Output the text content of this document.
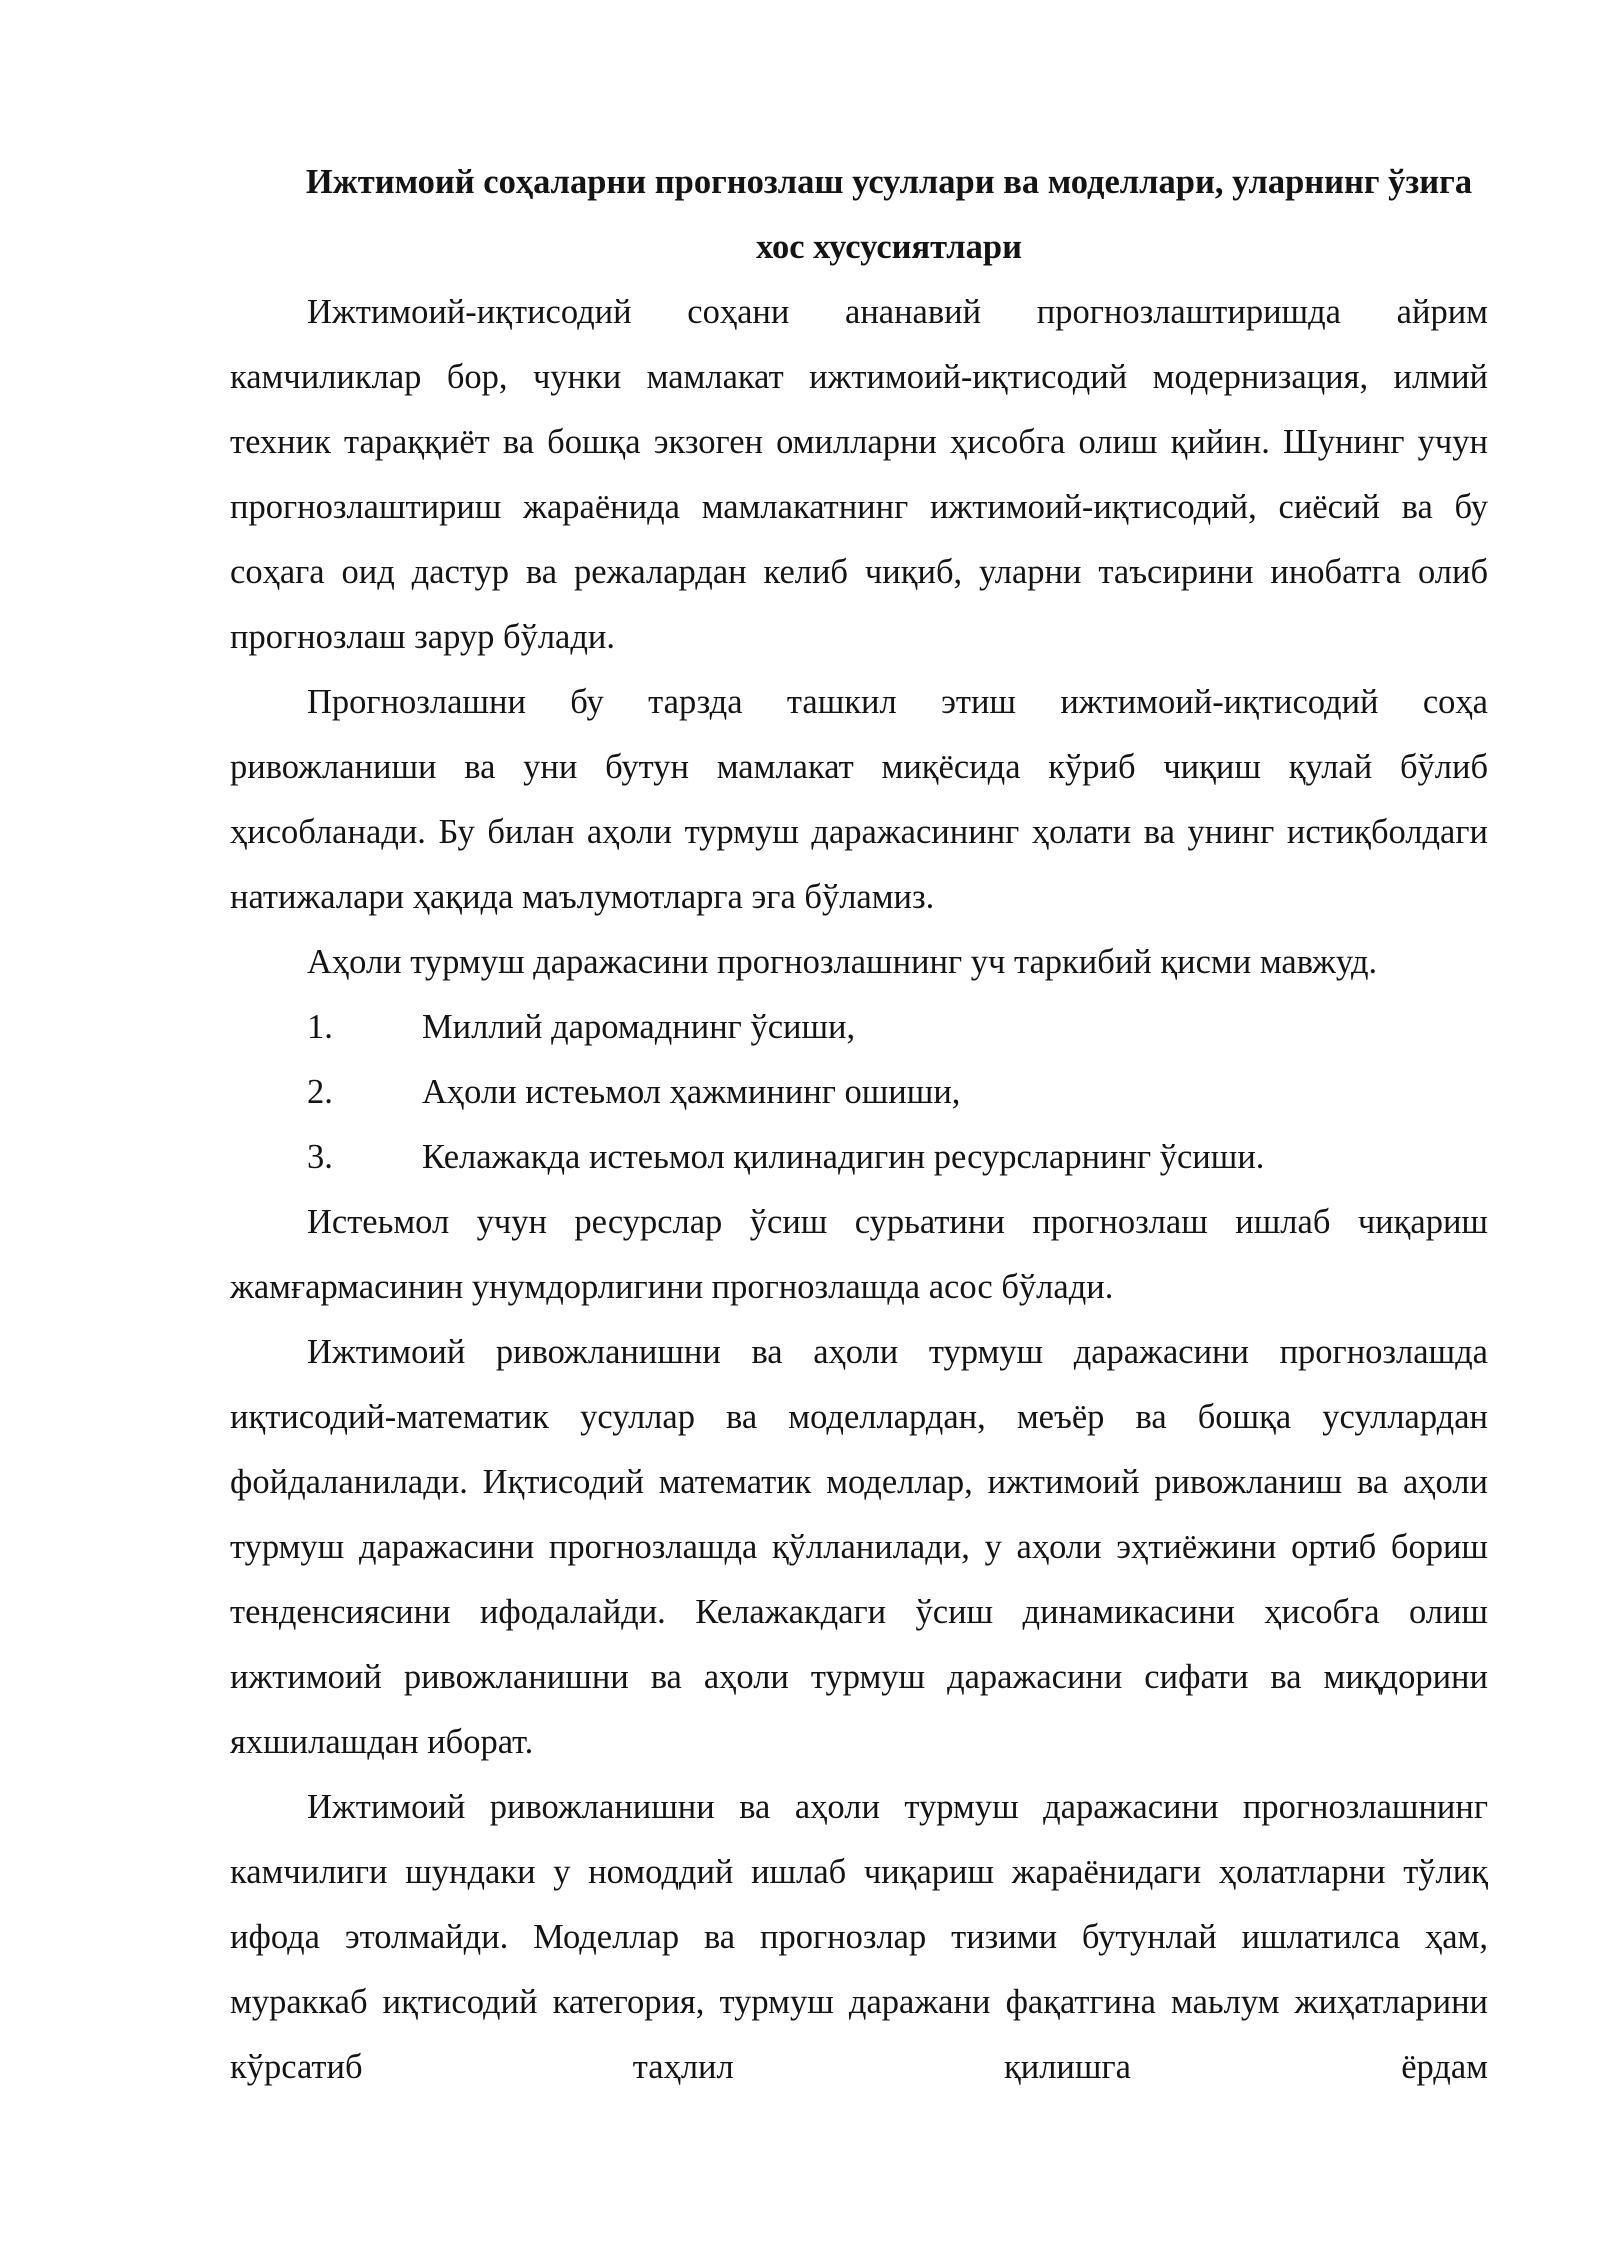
Ижтимоий соҳаларни прогнозлаш усуллари ва моделлари, уларнинг ўзига хос хусусиятлари

Ижтимоий-иқтисодий соҳани ананавий прогнозлаштиришда айрим камчиликлар бор, чунки мамлакат ижтимоий-иқтисодий модернизация, илмий техник тараққиёт ва бошқа экзоген омилларни ҳисобга олиш қийин. Шунинг учун прогнозлаштириш жараёнида мамлакатнинг ижтимоий-иқтисодий, сиёсий ва бу соҳага оид дастур ва режалардан келиб чиқиб, уларни таъсирини инобатга олиб прогнозлаш зарур бўлади.

Прогнозлашни бу тарзда ташкил этиш ижтимоий-иқтисодий соҳа ривожланиши ва уни бутун мамлакат миқёсида кўриб чиқиш қулай бўлиб ҳисобланади. Бу билан аҳоли турмуш даражасининг ҳолати ва унинг истиқболдаги натижалари ҳақида маълумотларга эга бўламиз.

Аҳоли турмуш даражасини прогнозлашнинг уч таркибий қисми мавжуд.

1.	Миллий даромаднинг ўсиши,
2.	Аҳоли истеьмол ҳажмининг ошиши,
3.	Келажакда истеьмол қилинадигин ресурсларнинг ўсиши.

Истеьмол учун ресурслар ўсиш сурьатини прогнозлаш ишлаб чиқариш жамғармасинин унумдорлигини прогнозлашда асос бўлади.

Ижтимоий ривожланишни ва аҳоли турмуш даражасини прогнозлашда иқтисодий-математик усуллар ва моделлардан, меъёр ва бошқа усуллардан фойдаланилади. Иқтисодий математик моделлар, ижтимоий ривожланиш ва аҳоли турмуш даражасини прогнозлашда қўлланилади, у аҳоли эҳтиёжини ортиб бориш тенденсиясини ифодалайди. Келажакдаги ўсиш динамикасини ҳисобга олиш ижтимоий ривожланишни ва аҳоли турмуш даражасини сифати ва миқдорини яхшилашдан иборат.

Ижтимоий ривожланишни ва аҳоли турмуш даражасини прогнозлашнинг камчилиги шундаки у номоддий ишлаб чиқариш жараёнидаги ҳолатларни тўлиқ ифода этолмайди. Моделлар ва прогнозлар тизими бутунлай ишлатилса ҳам, мураккаб иқтисодий категория, турмуш даражани фақатгина маьлум жиҳатларини кўрсатиб таҳлил қилишга ёрдам
